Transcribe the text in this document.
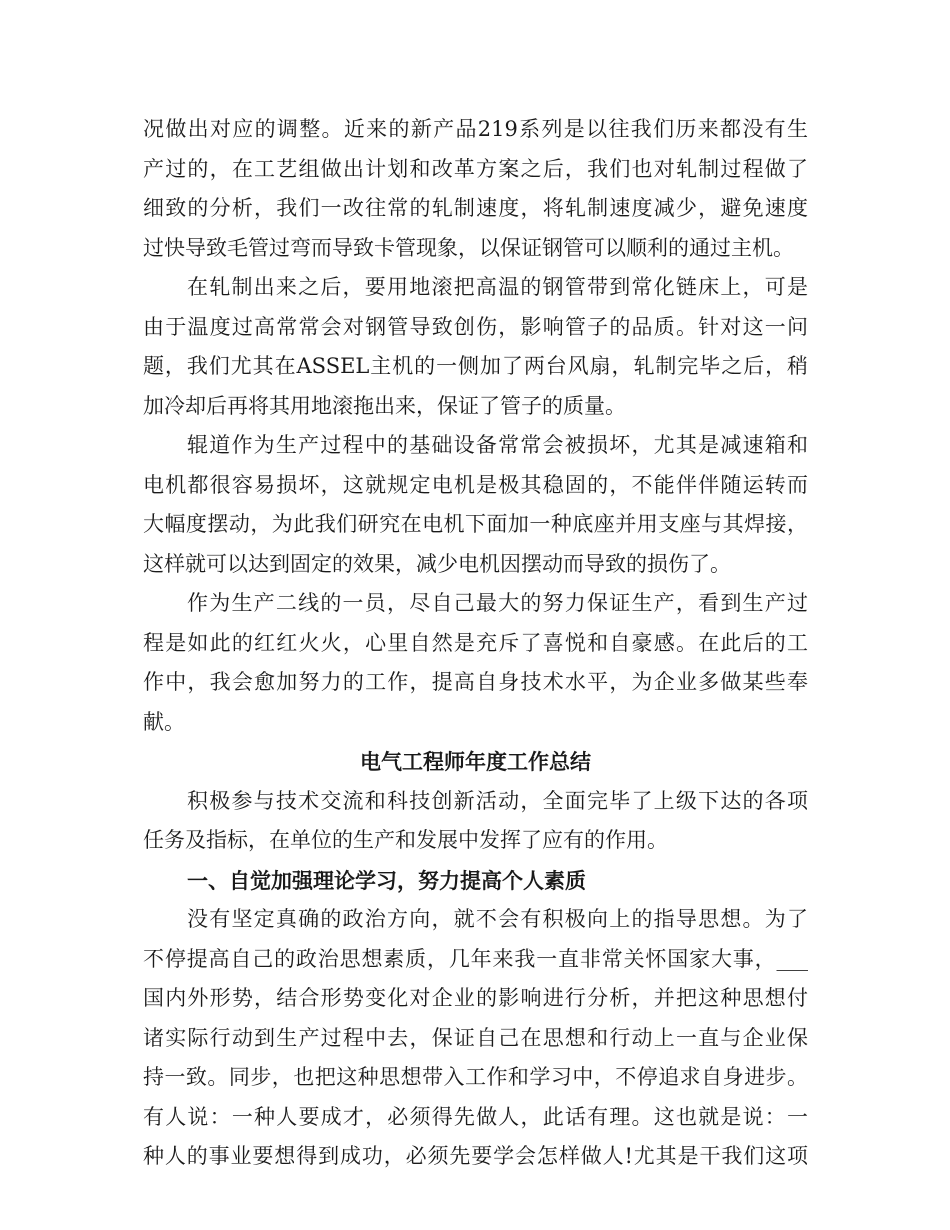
况做出对应的调整。近来的新产品219系列是以往我们历来都没有生
产过的，在工艺组做出计划和改革方案之后，我们也对轧制过程做了
细致的分析，我们一改往常的轧制速度，将轧制速度减少，避免速度
过快导致毛管过弯而导致卡管现象，以保证钢管可以顺利的通过主机。
在轧制出来之后，要用地滚把高温的钢管带到常化链床上，可是
由于温度过高常常会对钢管导致创伤，影响管子的品质。针对这一问
题，我们尤其在ASSEL主机的一侧加了两台风扇，轧制完毕之后，稍
加冷却后再将其用地滚拖出来，保证了管子的质量。
辊道作为生产过程中的基础设备常常会被损坏，尤其是减速箱和
电机都很容易损坏，这就规定电机是极其稳固的，不能伴伴随运转而
大幅度摆动，为此我们研究在电机下面加一种底座并用支座与其焊接，
这样就可以达到固定的效果，减少电机因摆动而导致的损伤了。
作为生产二线的一员，尽自己最大的努力保证生产，看到生产过
程是如此的红红火火，心里自然是充斥了喜悦和自豪感。在此后的工
作中，我会愈加努力的工作，提高自身技术水平，为企业多做某些奉
献。
电气工程师年度工作总结
积极参与技术交流和科技创新活动，全面完毕了上级下达的各项
任务及指标，在单位的生产和发展中发挥了应有的作用。
一、自觉加强理论学习，努力提高个人素质
没有坚定真确的政治方向，就不会有积极向上的指导思想。为了
不停提高自己的政治思想素质，几年来我一直非常关怀国家大事，___
国内外形势，结合形势变化对企业的影响进行分析，并把这种思想付
诸实际行动到生产过程中去，保证自己在思想和行动上一直与企业保
持一致。同步，也把这种思想带入工作和学习中，不停追求自身进步。
有人说：一种人要成才，必须得先做人，此话有理。这也就是说：一
种人的事业要想得到成功，必须先要学会怎样做人!尤其是干我们这项
